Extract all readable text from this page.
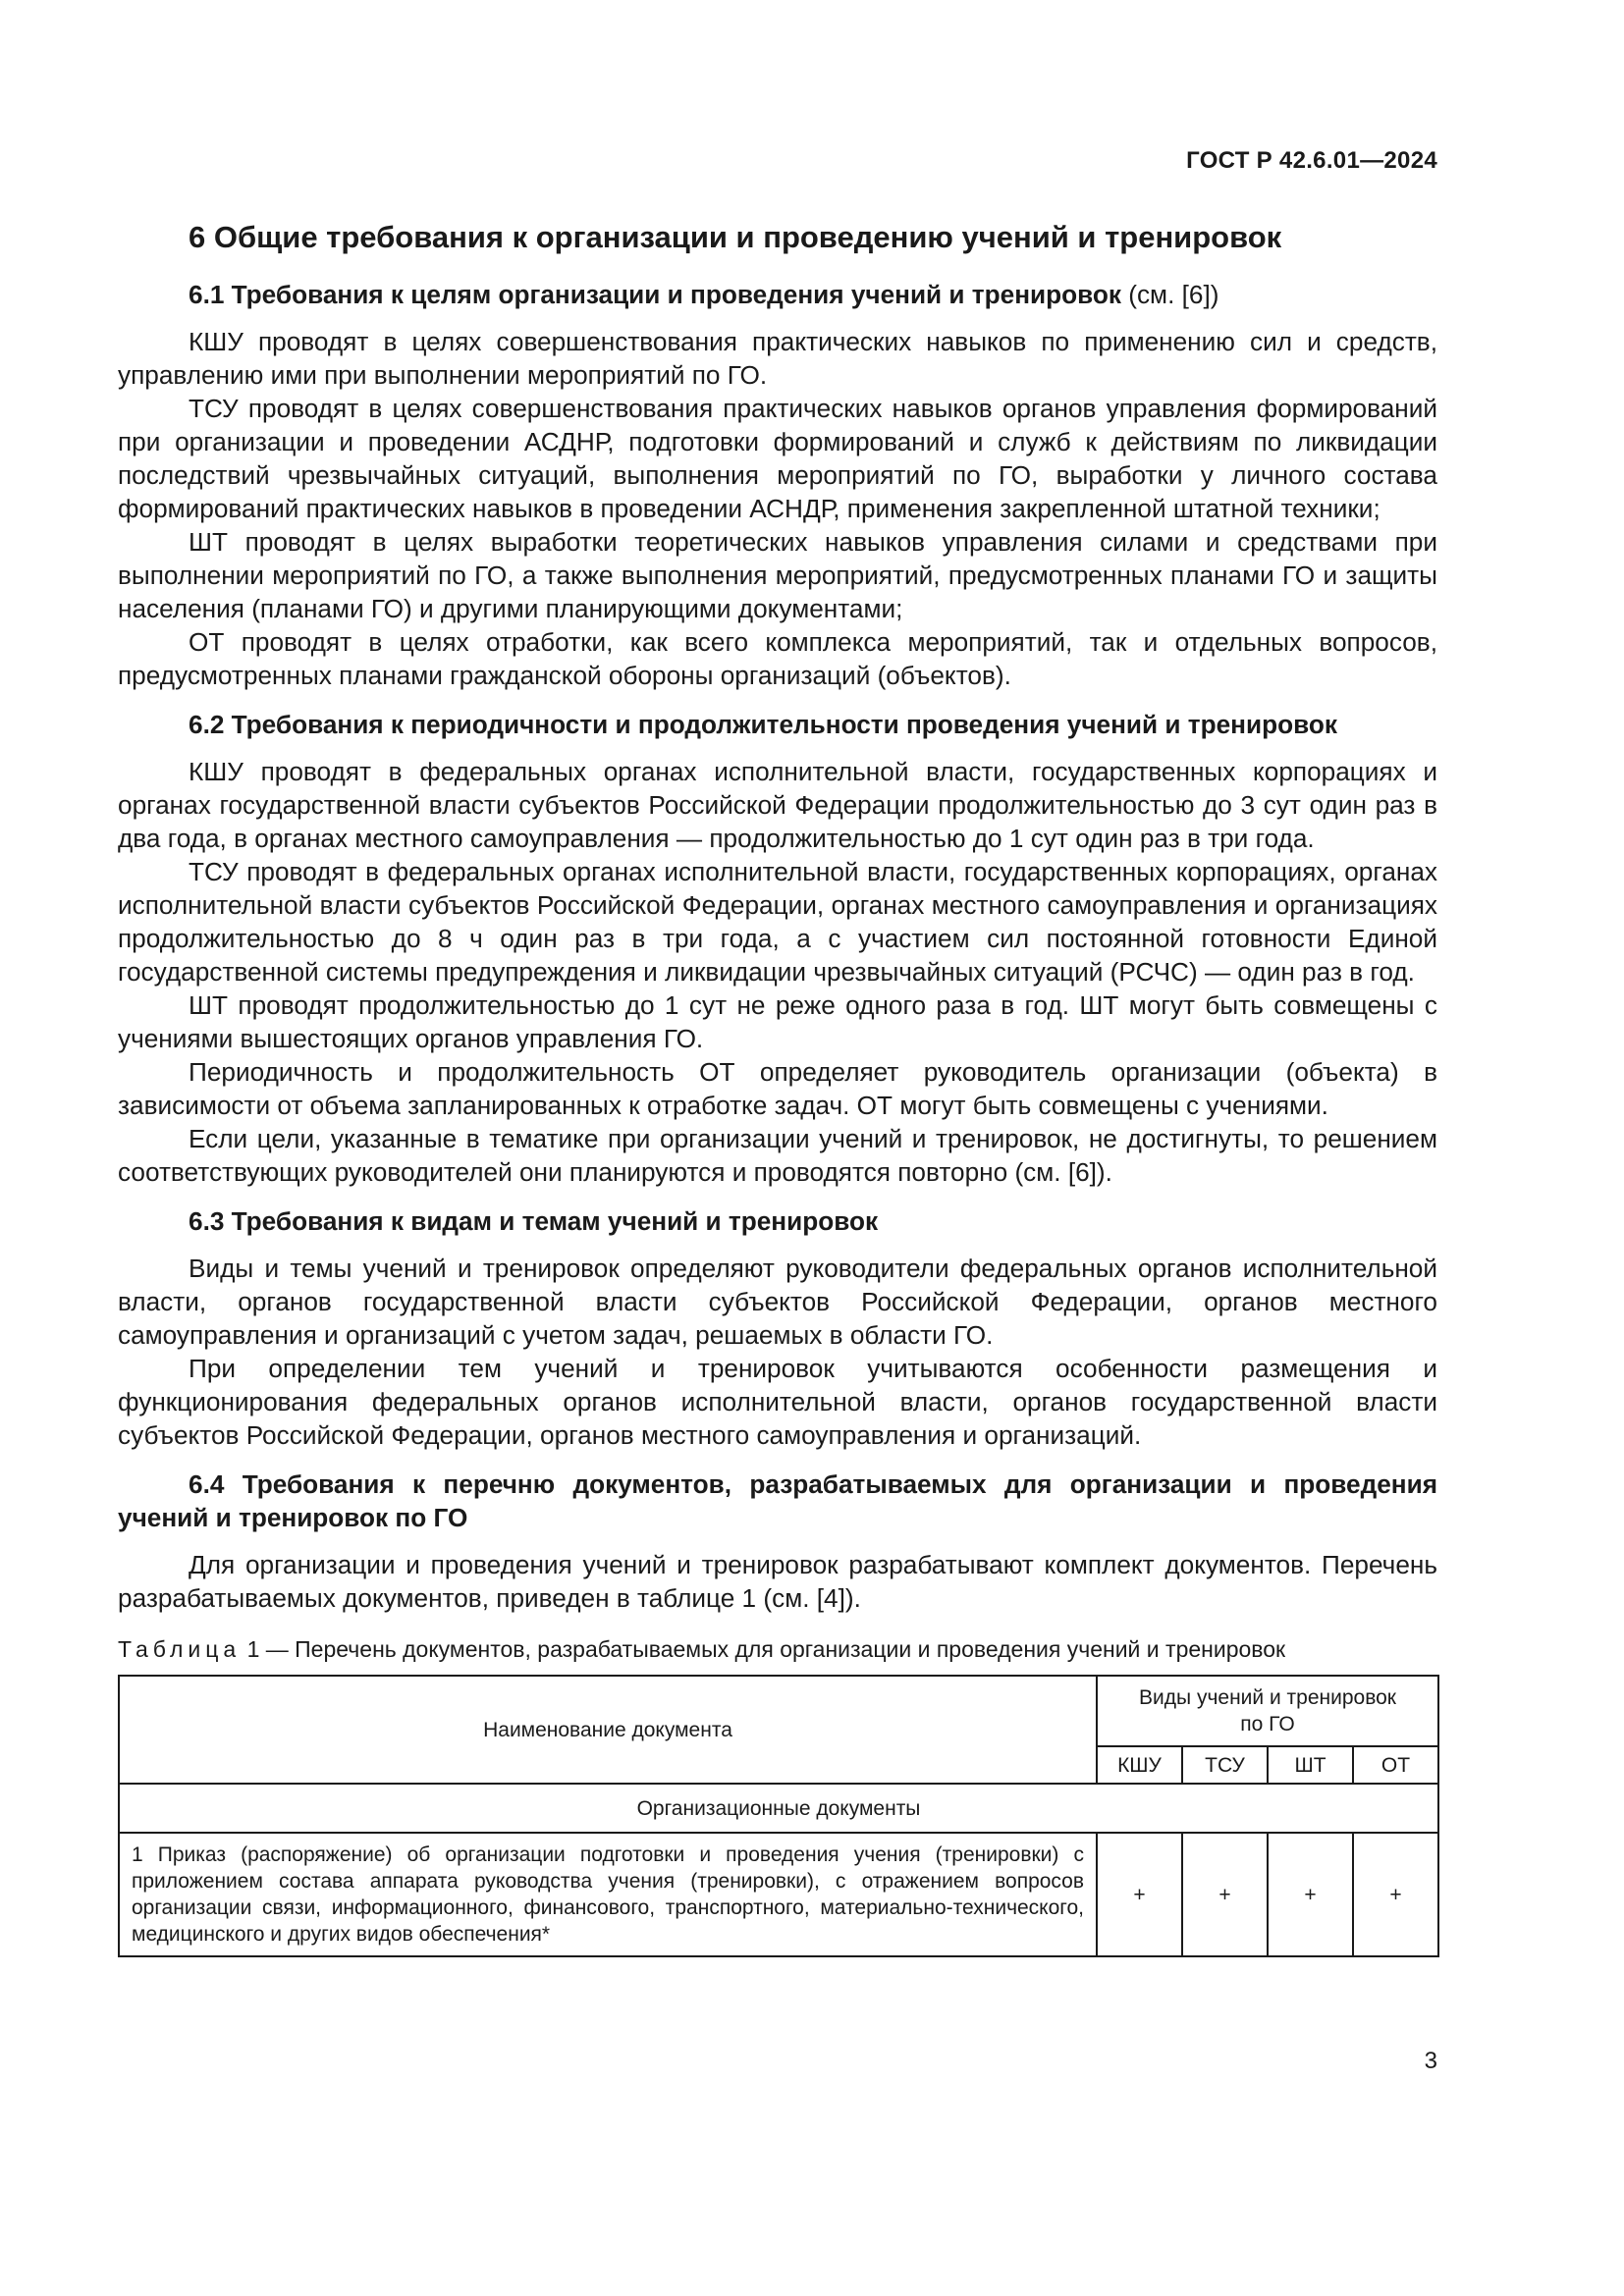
ГОСТ Р 42.6.01—2024
6 Общие требования к организации и проведению учений и тренировок
6.1 Требования к целям организации и проведения учений и тренировок (см. [6])

КШУ проводят в целях совершенствования практических навыков по применению сил и средств, управлению ими при выполнении мероприятий по ГО.

ТСУ проводят в целях совершенствования практических навыков органов управления формирований при организации и проведении АСДНР, подготовки формирований и служб к действиям по ликвидации последствий чрезвычайных ситуаций, выполнения мероприятий по ГО, выработки у личного состава формирований практических навыков в проведении АСНДР, применения закрепленной штатной техники;

ШТ проводят в целях выработки теоретических навыков управления силами и средствами при выполнении мероприятий по ГО, а также выполнения мероприятий, предусмотренных планами ГО и защиты населения (планами ГО) и другими планирующими документами;

ОТ проводят в целях отработки, как всего комплекса мероприятий, так и отдельных вопросов, предусмотренных планами гражданской обороны организаций (объектов).

6.2 Требования к периодичности и продолжительности проведения учений и тренировок

КШУ проводят в федеральных органах исполнительной власти, государственных корпорациях и органах государственной власти субъектов Российской Федерации продолжительностью до 3 сут один раз в два года, в органах местного самоуправления — продолжительностью до 1 сут один раз в три года.

ТСУ проводят в федеральных органах исполнительной власти, государственных корпорациях, органах исполнительной власти субъектов Российской Федерации, органах местного самоуправления и организациях продолжительностью до 8 ч один раз в три года, а с участием сил постоянной готовности Единой государственной системы предупреждения и ликвидации чрезвычайных ситуаций (РСЧС) — один раз в год.

ШТ проводят продолжительностью до 1 сут не реже одного раза в год. ШТ могут быть совмещены с учениями вышестоящих органов управления ГО.

Периодичность и продолжительность ОТ определяет руководитель организации (объекта) в зависимости от объема запланированных к отработке задач. ОТ могут быть совмещены с учениями.

Если цели, указанные в тематике при организации учений и тренировок, не достигнуты, то решением соответствующих руководителей они планируются и проводятся повторно (см. [6]).

6.3 Требования к видам и темам учений и тренировок

Виды и темы учений и тренировок определяют руководители федеральных органов исполнительной власти, органов государственной власти субъектов Российской Федерации, органов местного самоуправления и организаций с учетом задач, решаемых в области ГО.

При определении тем учений и тренировок учитываются особенности размещения и функционирования федеральных органов исполнительной власти, органов государственной власти субъектов Российской Федерации, органов местного самоуправления и организаций.

6.4 Требования к перечню документов, разрабатываемых для организации и проведения учений и тренировок по ГО

Для организации и проведения учений и тренировок разрабатывают комплект документов. Перечень разрабатываемых документов, приведен в таблице 1 (см. [4]).

Таблица 1 — Перечень документов, разрабатываемых для организации и проведения учений и тренировок
Наименование документа	Виды учений и тренировок по ГО			
	КШУ	ТСУ	ШТ	ОТ
Организационные документы				
1 Приказ (распоряжение) об организации подготовки и проведения учения (тренировки) с приложением состава аппарата руководства учения (тренировки), с отражением вопросов организации связи, информационного, финансового, транспортного, материально-технического, медицинского и других видов обеспечения*	+	+	+	+
3
